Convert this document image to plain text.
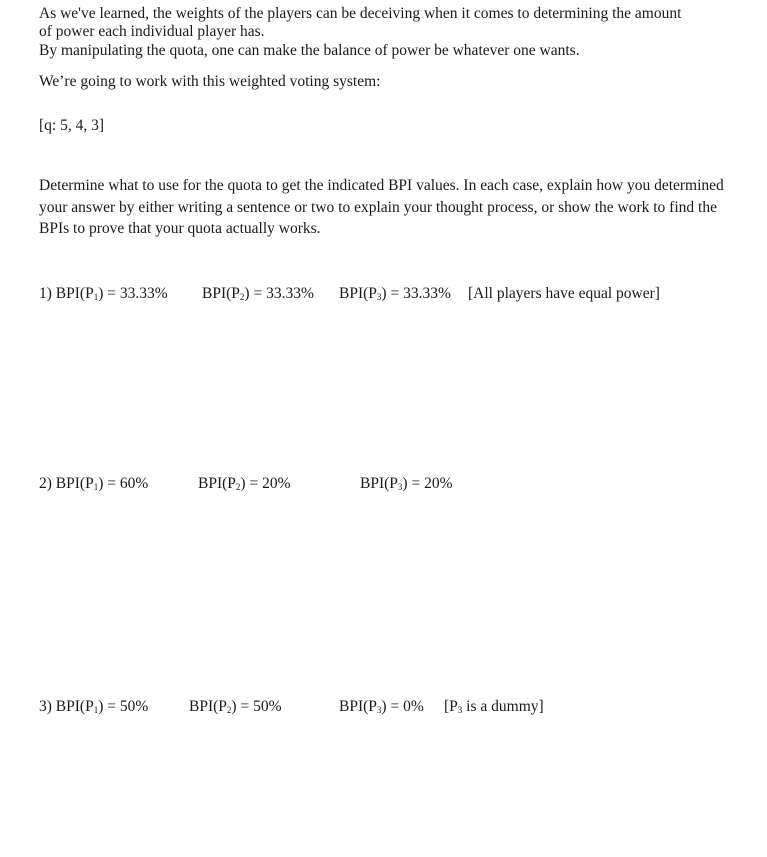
As we've learned, the weights of the players can be deceiving when it comes to determining the amount
of power each individual player has.
By manipulating the quota, one can make the balance of power be whatever one wants.
We’re going to work with this weighted voting system:
[q: 5, 4, 3]
Determine what to use for the quota to get the indicated BPI values. In each case, explain how you determined your answer by either writing a sentence or two to explain your thought process, or show the work to find the BPIs to prove that your quota actually works.
1) $BPI(P_1) = 33.33\%$ $BPI(P_2) = 33.33\%$ $BPI(P_3) = 33.33\%$ [All players have equal power]
2) $BPI(P_1) = 60\%$	$BPI(P_2) = 20\%$	$BPI(P_3) = 20\%$
3) $BPI(P_1) = 50\%$	$BPI(P_2) = 50\%$	$BPI(P_3) = 0\%$ [$P_3$ is a dummy]
